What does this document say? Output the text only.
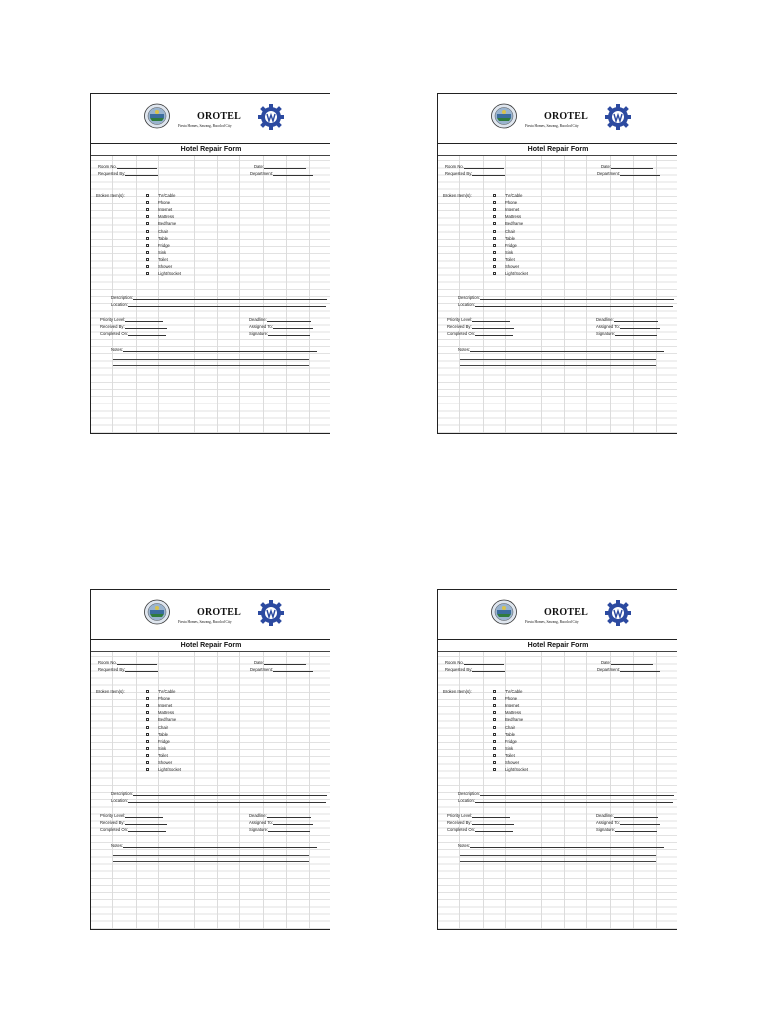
OROTEL
Fiesta Homes, Sawang, Bacolod City
Hotel Repair Form
Room No.	Date:
Requested By:	Department:
Broken Item(s):	TV/Cable
Phone
Internet
Mattress
Bedframe
Chair
Table
Fridge
Sink
Toilet
Shower
Light/Socket
Description:
Location:
Priority Level:
Received By:
Completed On:
Deadline:
Assigned To:
Signature:
Notes:
OROTEL
Fiesta Homes, Sawang, Bacolod City
Hotel Repair Form
Room No.	Date:
Requested By:	Department:
Broken Item(s):	TV/Cable
Phone
Internet
Mattress
Bedframe
Chair
Table
Fridge
Sink
Toilet
Shower
Light/Socket
Description:
Location:
Priority Level:
Received By:
Completed On:
Deadline:
Assigned To:
Signature:
Notes:
OROTEL
Fiesta Homes, Sawang, Bacolod City
Hotel Repair Form
Room No.	Date:
Requested By:	Department:
Broken Item(s):	TV/Cable
Phone
Internet
Mattress
Bedframe
Chair
Table
Fridge
Sink
Toilet
Shower
Light/Socket
Description:
Location:
Priority Level:
Received By:
Completed On:
Deadline:
Assigned To:
Signature:
Notes:
OROTEL
Fiesta Homes, Sawang, Bacolod City
Hotel Repair Form
Room No.	Date:
Requested By:	Department:
Broken Item(s):	TV/Cable
Phone
Internet
Mattress
Bedframe
Chair
Table
Fridge
Sink
Toilet
Shower
Light/Socket
Description:
Location:
Priority Level:
Received By:
Completed On:
Deadline:
Assigned To:
Signature:
Notes:
